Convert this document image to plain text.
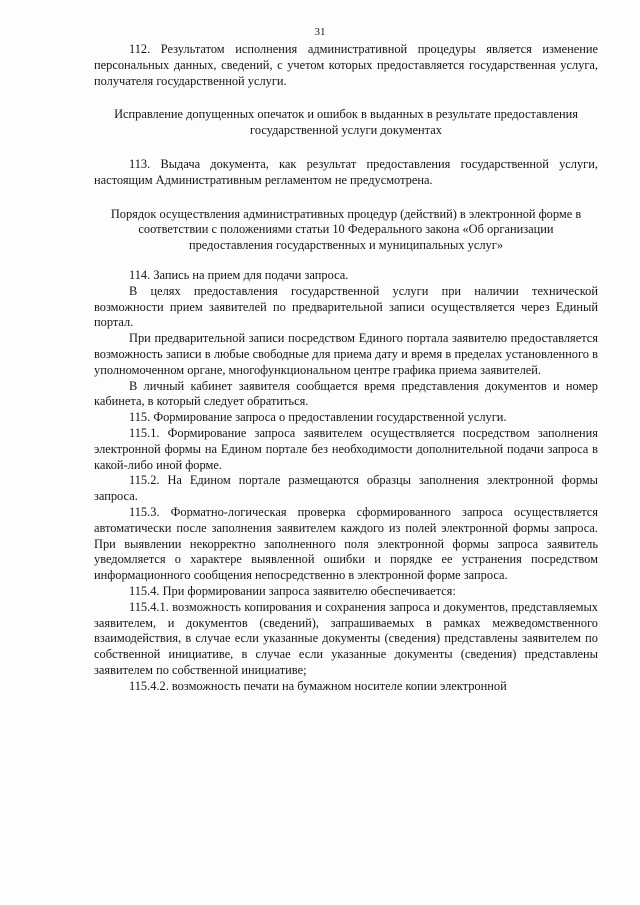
31

112. Результатом исполнения административной процедуры является изменение персональных данных, сведений, с учетом которых предоставляется государственная услуга, получателя государственной услуги.

Исправление допущенных опечаток и ошибок в выданных в результате предоставления государственной услуги документах

113. Выдача документа, как результат предоставления государственной услуги, настоящим Административным регламентом не предусмотрена.

Порядок осуществления административных процедур (действий) в электронной форме в соответствии с положениями статьи 10 Федерального закона «Об организации предоставления государственных и муниципальных услуг»

114. Запись на прием для подачи запроса.

В целях предоставления государственной услуги при наличии технической возможности прием заявителей по предварительной записи осуществляется через Единый портал.

При предварительной записи посредством Единого портала заявителю предоставляется возможность записи в любые свободные для приема дату и время в пределах установленного в уполномоченном органе, многофункциональном центре графика приема заявителей.

В личный кабинет заявителя сообщается время представления документов и номер кабинета, в который следует обратиться.

115. Формирование запроса о предоставлении государственной услуги.

115.1. Формирование запроса заявителем осуществляется посредством заполнения электронной формы на Едином портале без необходимости дополнительной подачи запроса в какой-либо иной форме.

115.2. На Едином портале размещаются образцы заполнения электронной формы запроса.

115.3. Форматно-логическая проверка сформированного запроса осуществляется автоматически после заполнения заявителем каждого из полей электронной формы запроса. При выявлении некорректно заполненного поля электронной формы запроса заявитель уведомляется о характере выявленной ошибки и порядке ее устранения посредством информационного сообщения непосредственно в электронной форме запроса.

115.4. При формировании запроса заявителю обеспечивается:

115.4.1. возможность копирования и сохранения запроса и документов, представляемых заявителем, и документов (сведений), запрашиваемых в рамках межведомственного взаимодействия, в случае если указанные документы (сведения) представлены заявителем по собственной инициативе, в случае если указанные документы (сведения) представлены заявителем по собственной инициативе;

115.4.2. возможность печати на бумажном носителе копии электронной
